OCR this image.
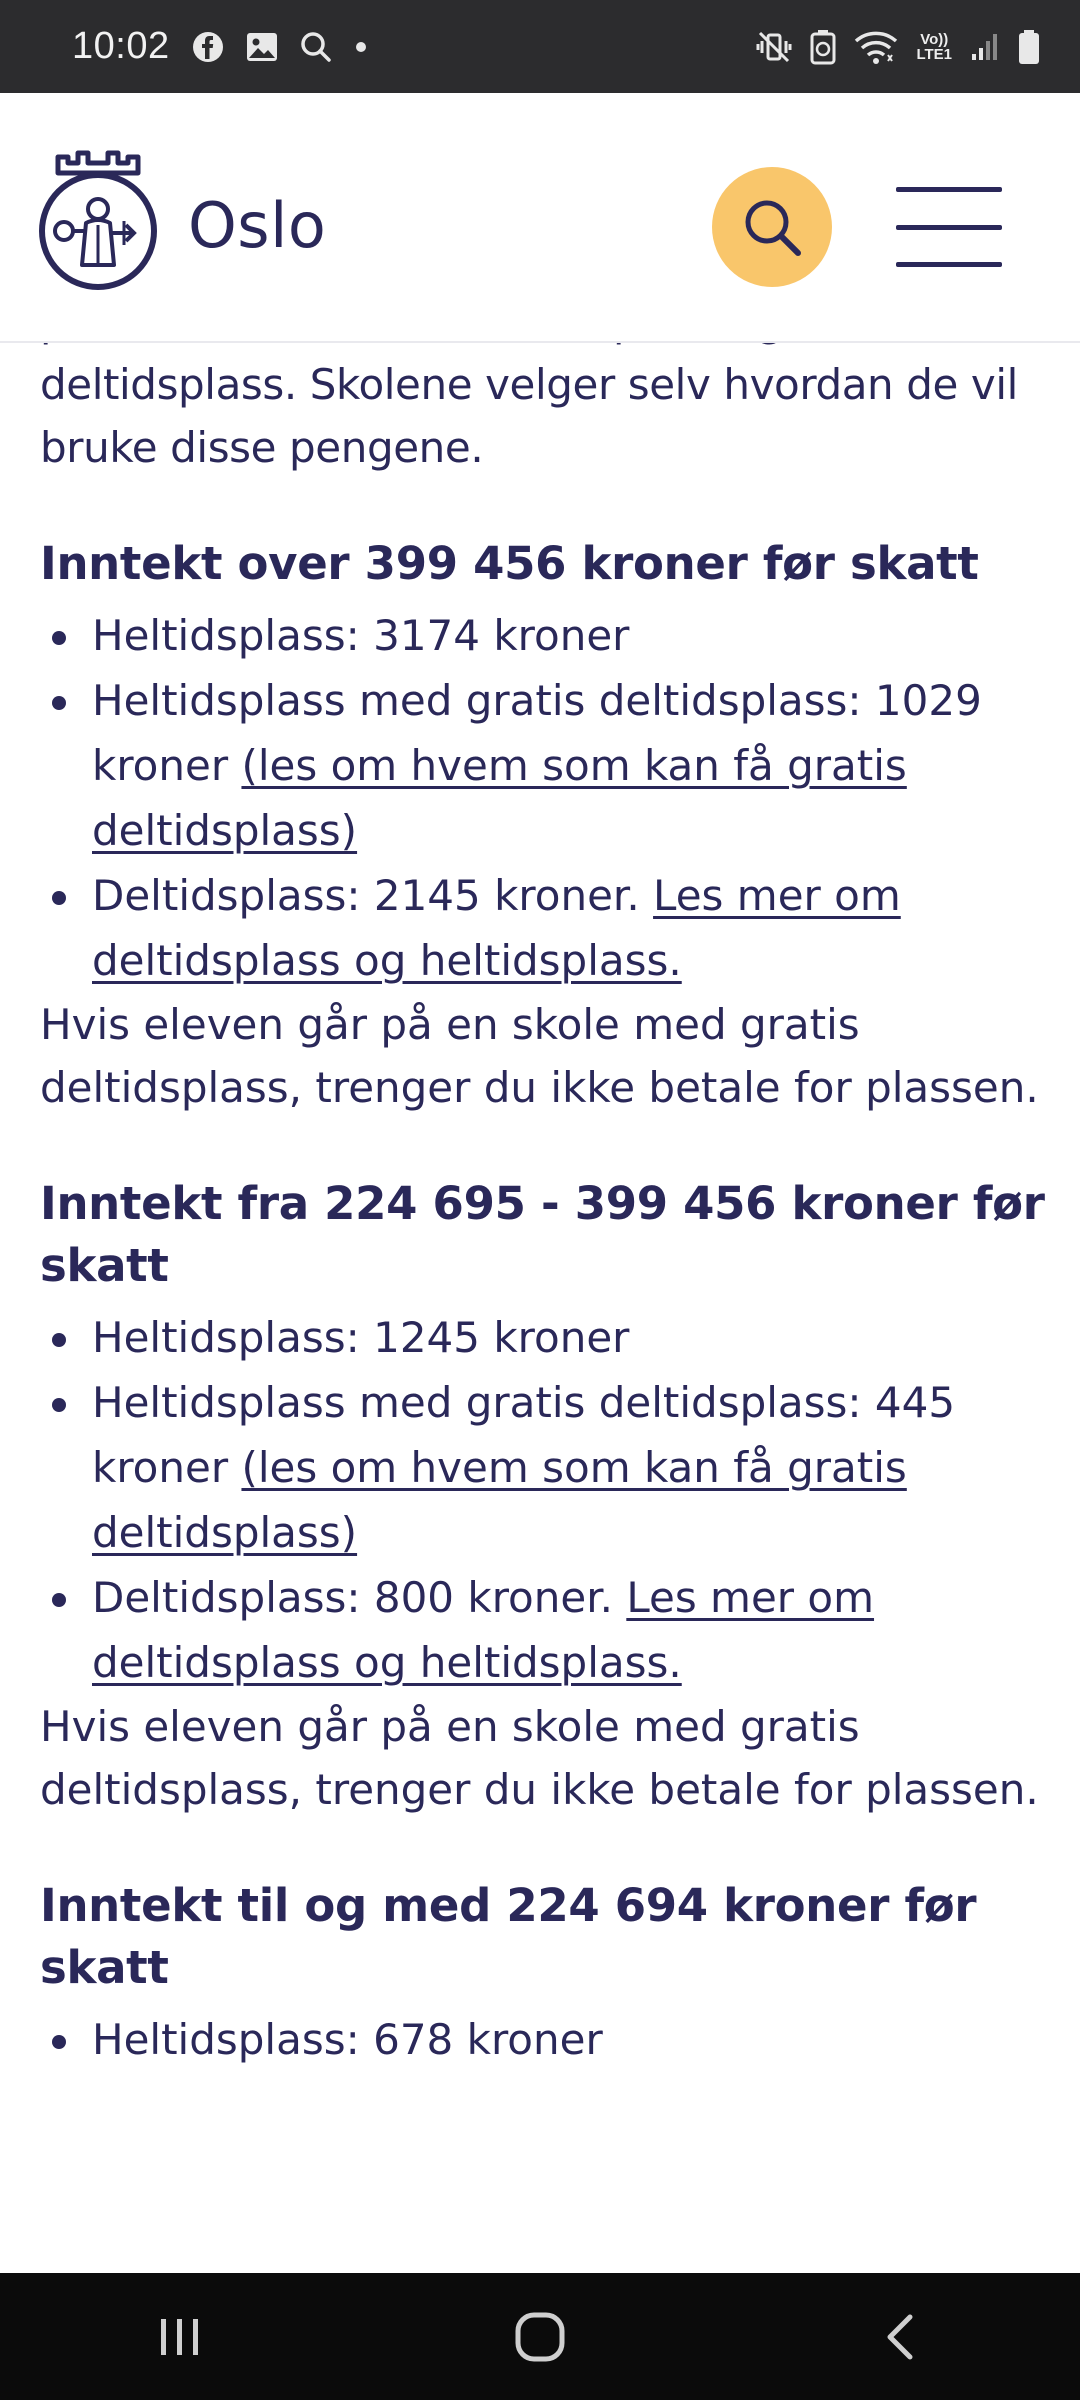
10:02	Vo))
LTE1
Oslo

deltidsplass. Skolene velger selv hvordan de vil bruke disse pengene.

Inntekt over 399 456 kroner før skatt
Heltidsplass: 3174 kroner
Heltidsplass med gratis deltidsplass: 1029 kroner (les om hvem som kan få gratis deltidsplass)
Deltidsplass: 2145 kroner. Les mer om deltidsplass og heltidsplass.

Hvis eleven går på en skole med gratis deltidsplass, trenger du ikke betale for plassen.

Inntekt fra 224 695 - 399 456 kroner før skatt
Heltidsplass: 1245 kroner
Heltidsplass med gratis deltidsplass: 445 kroner (les om hvem som kan få gratis deltidsplass)
Deltidsplass: 800 kroner. Les mer om deltidsplass og heltidsplass.

Hvis eleven går på en skole med gratis deltidsplass, trenger du ikke betale for plassen.

Inntekt til og med 224 694 kroner før skatt
Heltidsplass: 678 kroner
